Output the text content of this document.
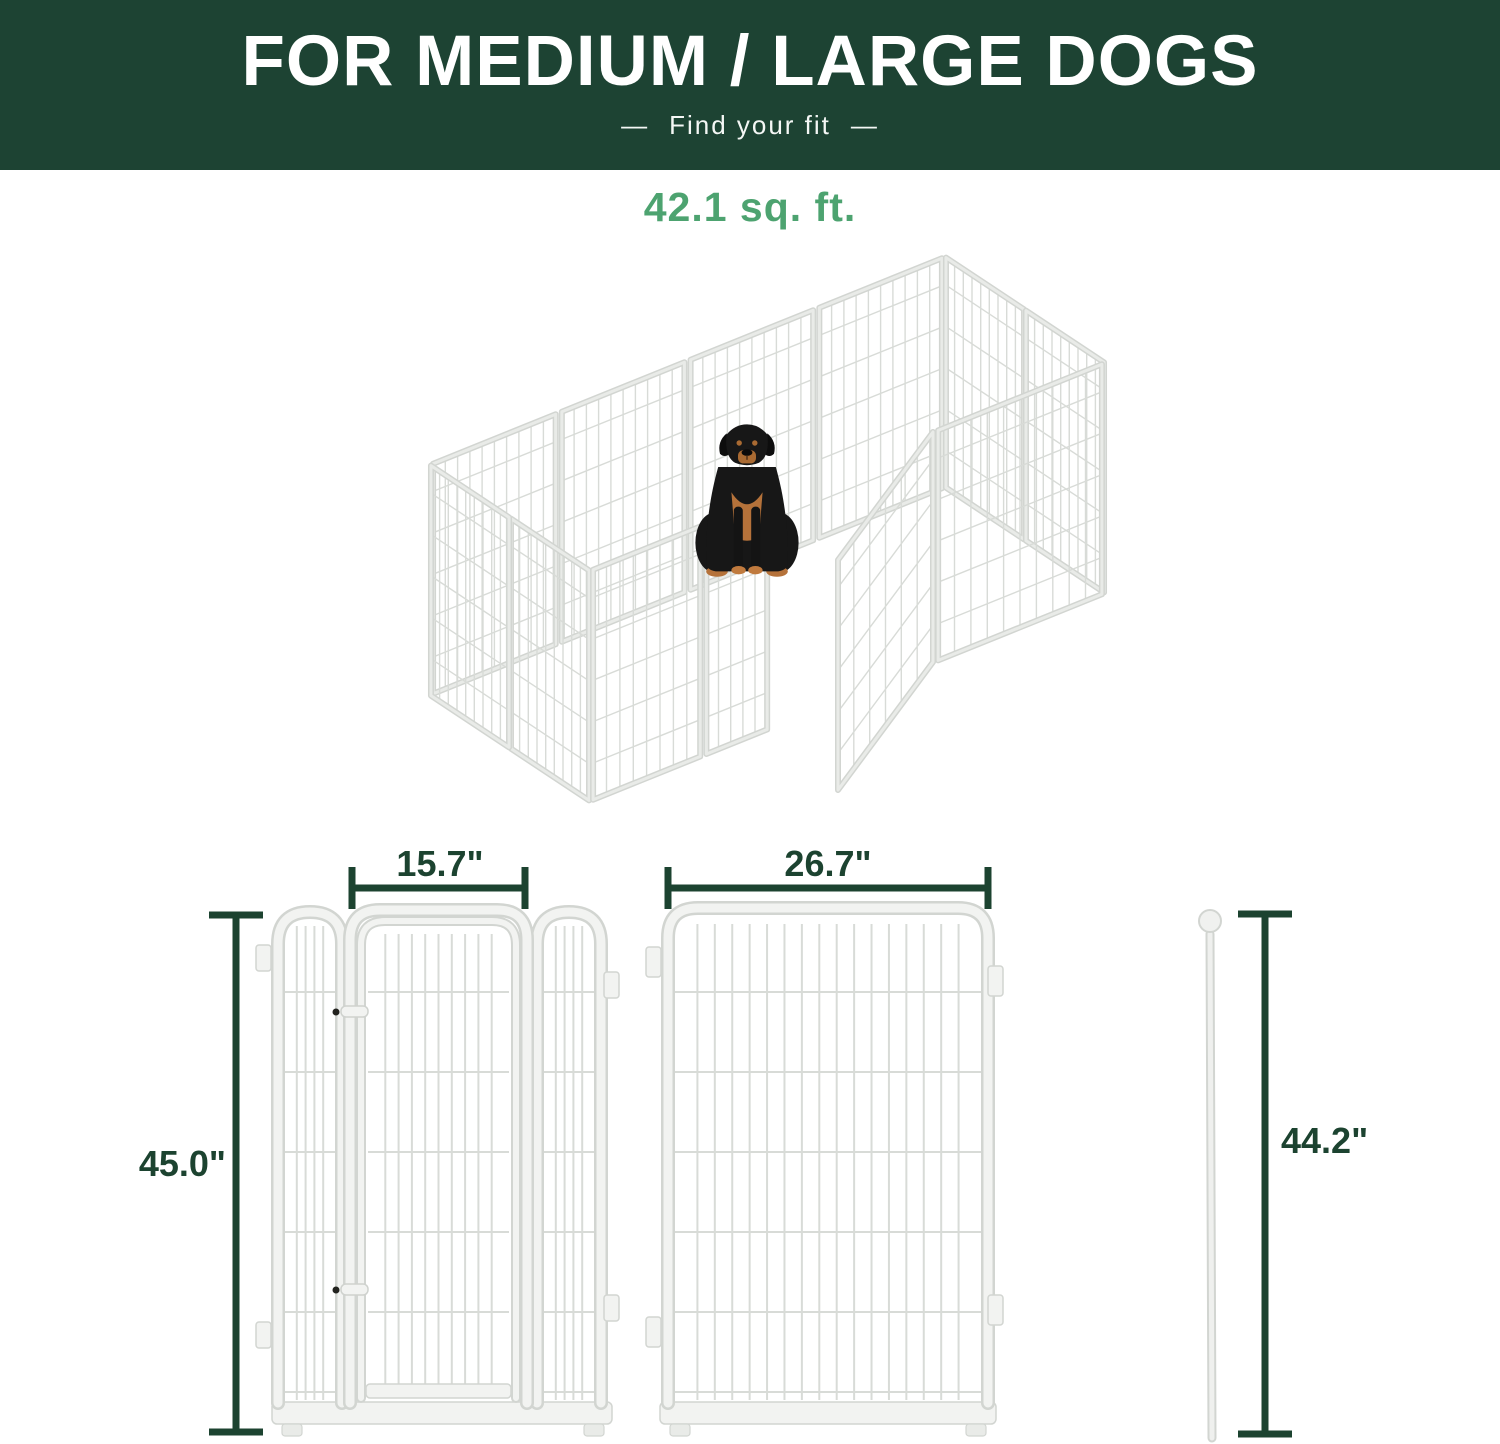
FOR MEDIUM / LARGE DOGS
— Find your fit —
42.1 sq. ft.
15.7"
45.0"
26.7"
44.2"
